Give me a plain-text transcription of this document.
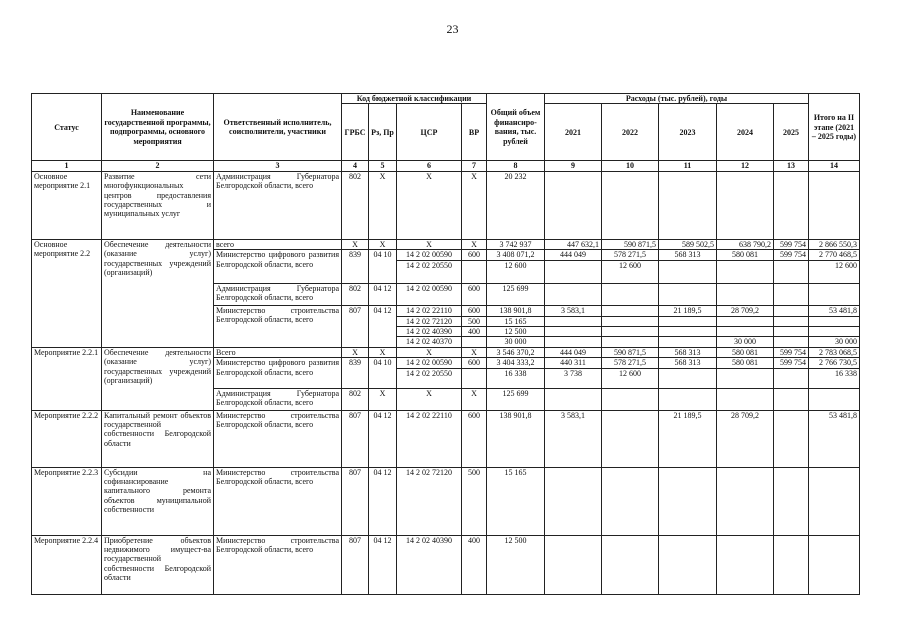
23
Статус	Наименование государственной программы, подпрограммы, основного мероприятия	Ответственный исполнитель, соисполнители, участники	Код бюджетной классификации				Общий объем финансиро-вания, тыс. рублей	Расходы (тыс. рублей), годы					Итого на II этапе (2021 – 2025 годы)
			ГРБС	Рз, Пр	ЦСР	ВР		2021	2022	2023	2024	2025	
1	2	3	4	5	6	7	8	9	10	11	12	13	14
Основное мероприятие 2.1	Развитие сети многофункциональных центров предоставления государственных и муниципальных услуг	Администрация Губернатора Белгородской области, всего	802	X	X	X	20 232						
Основное мероприятие 2.2	Обеспечение деятельности (оказание услуг) государственных учреждений (организаций)	всего	X	X	X	X	3 742 937	447 632,1	590 871,5	589 502,5	638 790,2	599 754	2 866 550,3
		Министерство цифрового развития Белгородской области, всего	839	04 10	14 2 02 00590	600	3 408 071,2	444 049	578 271,5	568 313	580 081	599 754	2 770 468,5
					14 2 02 20550		12 600		12 600				12 600
		Администрация Губернатора Белгородской области, всего	802	04 12	14 2 02 00590	600	125 699						
		Министерство строительства Белгородской области, всего	807	04 12	14 2 02 22110	600	138 901,8	3 583,1		21 189,5	28 709,2		53 481,8
					14 2 02 72120	500	15 165						
					14 2 02 40390	400	12 500						
					14 2 02 40370		30 000				30 000		30 000
Мероприятие 2.2.1	Обеспечение деятельности (оказание услуг) государственных учреждений (организаций)	Всего	X	X	X	X	3 546 370,2	444 049	590 871,5	568 313	580 081	599 754	2 783 068,5
		Министерство цифрового развития Белгородской области, всего	839	04 10	14 2 02 00590	600	3 404 333,2	440 311	578 271,5	568 313	580 081	599 754	2 766 730,5
					14 2 02 20550		16 338	3 738	12 600				16 338
		Администрация Губернатора Белгородской области, всего	802	X	X	X	125 699						
Мероприятие 2.2.2	Капитальный ремонт объектов государственной собственности Белгородской области	Министерство строительства Белгородской области, всего	807	04 12	14 2 02 22110	600	138 901,8	3 583,1		21 189,5	28 709,2		53 481,8
Мероприятие 2.2.3	Субсидии на софинансирование капитального ремонта объектов муниципальной собственности	Министерство строительства Белгородской области, всего	807	04 12	14 2 02 72120	500	15 165						
Мероприятие 2.2.4	Приобретение объектов недвижимого имущест-ва государственной собственности Белгородской области	Министерство строительства Белгородской области, всего	807	04 12	14 2 02 40390	400	12 500						
